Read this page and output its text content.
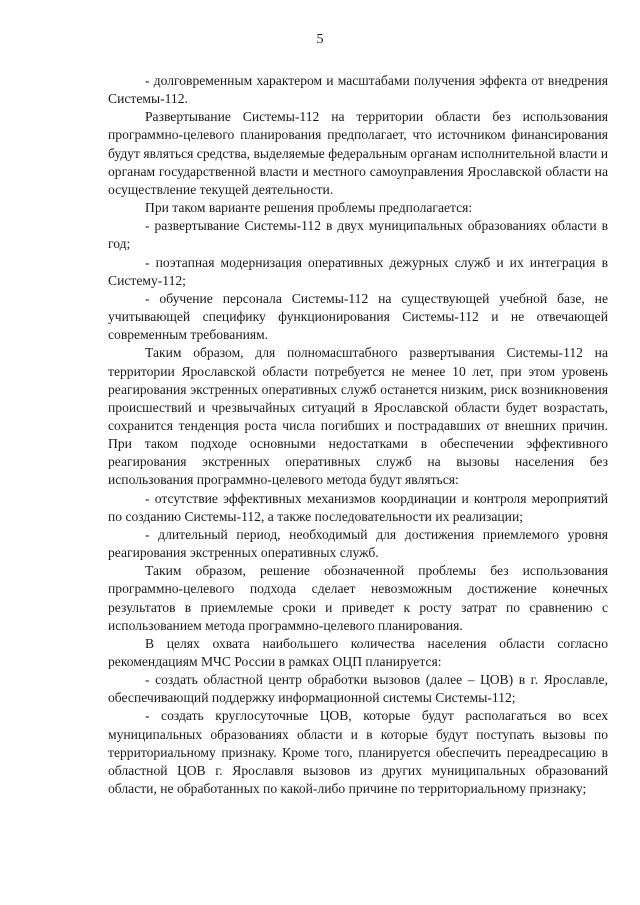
5

- долговременным характером и масштабами получения эффекта от внедрения Системы-112.

Развертывание Системы-112 на территории области без использования программно-целевого планирования предполагает, что источником финансирования будут являться средства, выделяемые федеральным органам исполнительной власти и органам государственной власти и местного самоуправления Ярославской области на осуществление текущей деятельности.

При таком варианте решения проблемы предполагается:

- развертывание Системы-112 в двух муниципальных образованиях области в год;

- поэтапная модернизация оперативных дежурных служб и их интеграция в Систему-112;

- обучение персонала Системы-112 на существующей учебной базе, не учитывающей специфику функционирования Системы-112 и не отвечающей современным требованиям.

Таким образом, для полномасштабного развертывания Системы-112 на территории Ярославской области потребуется не менее 10 лет, при этом уровень реагирования экстренных оперативных служб останется низким, риск возникновения происшествий и чрезвычайных ситуаций в Ярославской области будет возрастать, сохранится тенденция роста числа погибших и пострадавших от внешних причин. При таком подходе основными недостатками в обеспечении эффективного реагирования экстренных оперативных служб на вызовы населения без использования программно-целевого метода будут являться:

- отсутствие эффективных механизмов координации и контроля мероприятий по созданию Системы-112, а также последовательности их реализации;

- длительный период, необходимый для достижения приемлемого уровня реагирования экстренных оперативных служб.

Таким образом, решение обозначенной проблемы без использования программно-целевого подхода сделает невозможным достижение конечных результатов в приемлемые сроки и приведет к росту затрат по сравнению с использованием метода программно-целевого планирования.

В целях охвата наибольшего количества населения области согласно рекомендациям МЧС России в рамках ОЦП планируется:

- создать областной центр обработки вызовов (далее – ЦОВ) в г. Ярославле, обеспечивающий поддержку информационной системы Системы-112;

- создать круглосуточные ЦОВ, которые будут располагаться во всех муниципальных образованиях области и в которые будут поступать вызовы по территориальному признаку. Кроме того, планируется обеспечить переадресацию в областной ЦОВ г. Ярославля вызовов из других муниципальных образований области, не обработанных по какой-либо причине по территориальному признаку;
